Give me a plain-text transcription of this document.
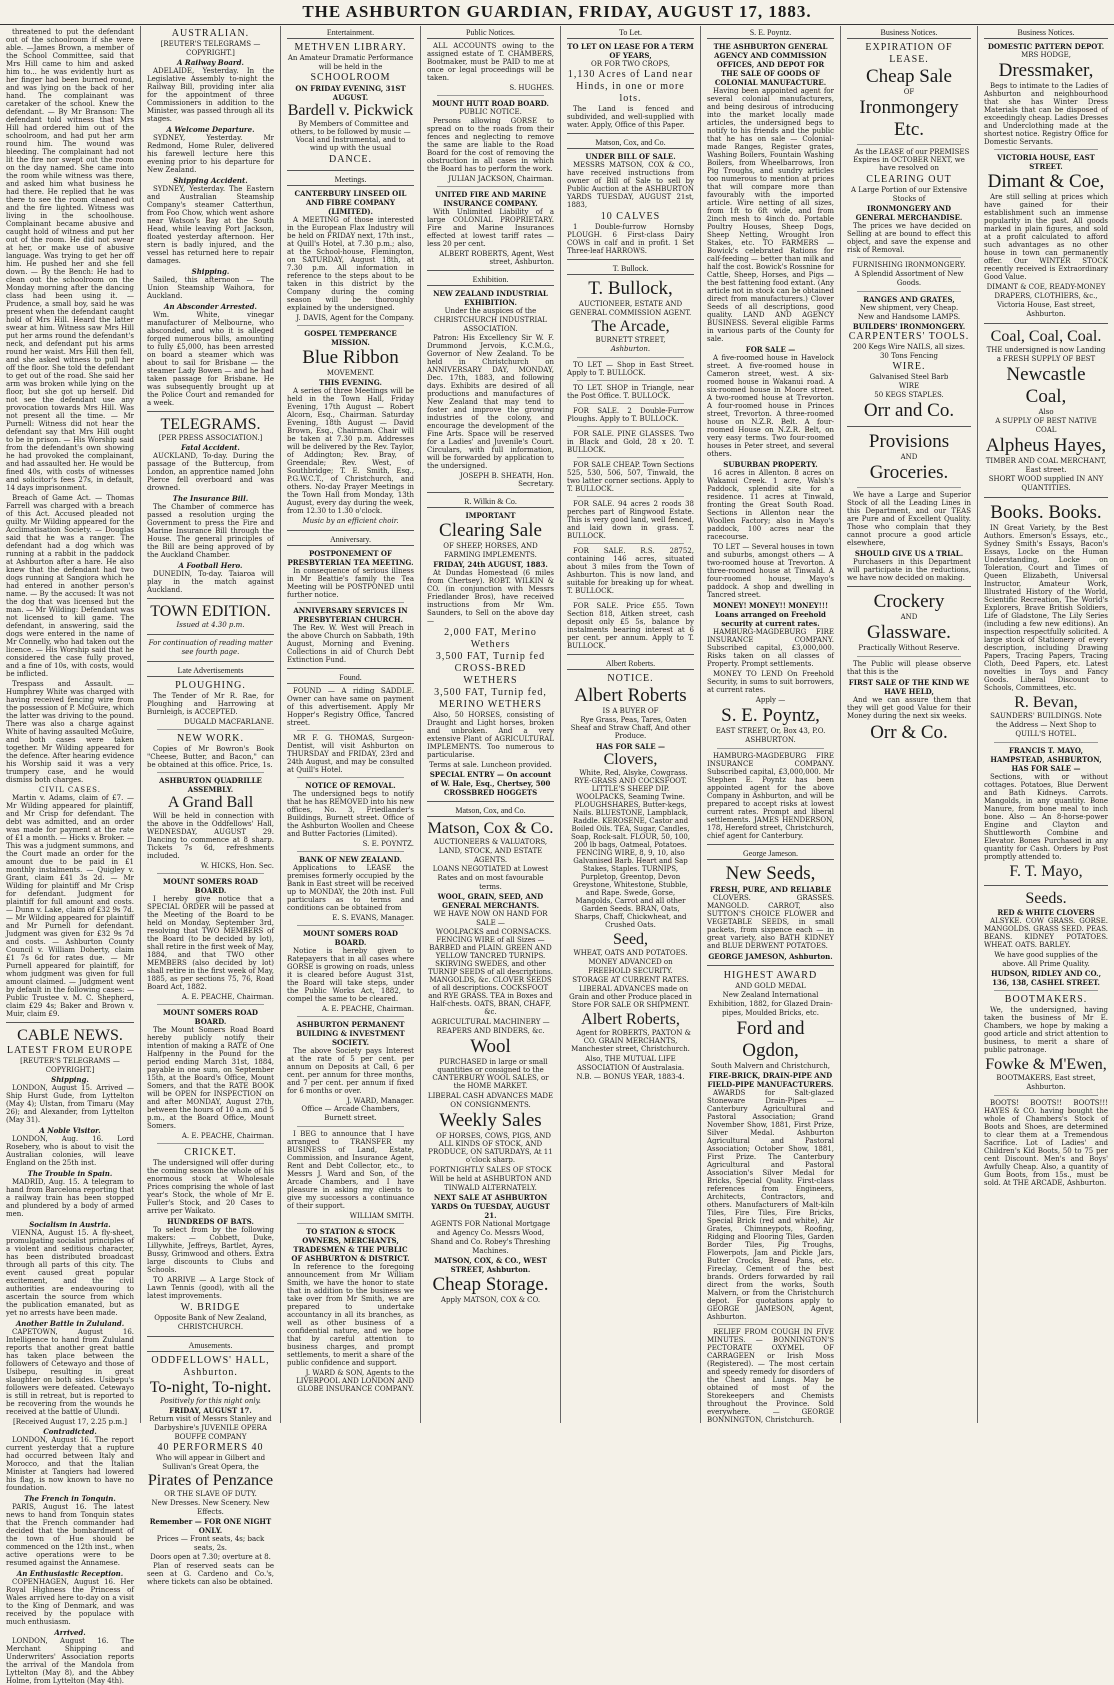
THE ASHBURTON GUARDIAN, FRIDAY, AUGUST 17, 1883.

threatened to put the defendant out of the schoolroom if she were able. —James Brown, a member of the School Committee, said that Mrs Hill came to him and asked him to... he was evidently hurt as her finger had been burned round, and was lying on the back of her hand. The complainant was caretaker of the school. Knew the defendant. — By Mr Branson: The defendant told witness that Mrs Hill had ordered him out of the schoolroom, and had put her arm round him. The wound was bleeding. The complainant had not lit the fire nor swept out the room on the day named. She came into the room while witness was there, and asked him what business he had there. He replied that he was there to see the room cleaned out and the fire lighted. Witness was living in the schoolhouse. Complainant became abusive and caught hold of witness and put her out of the room. He did not swear at her, or make use of abusive language. Was trying to get her off him. He pushed her and she fell down. — By the Bench: He had to clean out the schoolroom on the Monday morning after the dancing class had been using it. — Prudence, a small boy, said he was present when the defendant caught hold of Mrs Hill. Heard the latter swear at him. Witness saw Mrs Hill put her arms round the defendant's neck, and defendant put his arms round her waist. Mrs Hill then fell, and she asked witness to pull her off the floor. She told the defendant to get out of the road. She said her arm was broken while lying on the floor, but she got up herself. Did not see the defendant use any provocation towards Mrs Hill. Was not present all the time. — Mr Purnell: Witness did not hear the defendant say that Mrs Hill ought to be in prison. — His Worship said from the defendant's own showing he had provoked the complainant, and had assaulted her. He would be fined 40s, with costs of witnesses and solicitor's fees 27s, in default, 14 days imprisonment.

Breach of Game Act. — Thomas Farrell was charged with a breach of this Act. Accused pleaded not guilty. Mr Wilding appeared for the Acclimatisation Society. — Douglas said that he was a ranger. The defendant had a dog which was running at a rabbit in the paddock at Ashburton after a hare. He also knew that the defendant had two dogs running at Sangiora which he had entered in another person's name. — By the accused: It was not the dog that was licensed but the man. — Mr Wilding: Defendant was not licensed to kill game. The defendant, in answering, said the dogs were entered in the name of Mr Connelly, who had taken out the licence. — His Worship said that he considered the case fully proved, and a fine of 10s, with costs, would be inflicted.

Trespass and Assault. — Humphrey White was charged with having received fencing wire from the possession of P. McGuire, which the latter was driving to the pound. There was also a charge against White of having assaulted McGuire, and both cases were taken together. Mr Wilding appeared for the defence. After hearing evidence his Worship said it was a very trumpery case, and he would dismiss both charges.

CIVIL CASES.

Martin v. Adams, claim of £7. — Mr Wilding appeared for plaintiff, and Mr Crisp for defendant. The debt was admitted, and an order was made for payment at the rate of £1 a month. — Hicks v. Broker. — This was a judgment summons, and the Court made an order for the amount due to be paid in £1 monthly instalments. — Quigley v. Grant, claim £41 3s 2d. — Mr Wilding for plaintiff and Mr Crisp for defendant. Judgment for plaintiff for full amount and costs. — Dunn v. Lake, claim of £32 9s 7d. — Mr Wilding appeared for plaintiff and Mr Purnell for defendant. Judgment was given for £32 9s 7d and costs. — Ashburton County Council v. William Doherty, claim £1 7s 6d for rates due. — Mr Purnell appeared for plaintiff, for whom judgment was given for full amount claimed. — Judgment went by default in the following cases: — Public Trustee v. M. C. Shepherd, claim £29 4s; Baker and Brown v. Muir, claim £9.

CABLE NEWS.
LATEST FROM EUROPE
[REUTER'S TELEGRAMS — COPYRIGHT.]
Shipping.

LONDON, August 15. Arrived — Ship Hurst Gude, from Lyttelton (May 4); Ulstan, from Timaru (May 26); and Alexander, from Lyttelton (May 31).

A Noble Visitor.

LONDON, Aug. 16. Lord Rosebery, who is about to visit the Australian colonies, will leave England on the 25th inst.

The Trouble in Spain.

MADRID, Aug. 15. A telegram to hand from Barcelona reporting that a railway train has been stopped and plundered by a body of armed men.

Socialism in Austria.

VIENNA, August 15. A fly-sheet, promulgating socialist principles of a violent and seditious character, has been distributed broadcast through all parts of this city. The event caused great popular excitement, and the civil authorities are endeavouring to ascertain the source from which the publication emanated, but as yet no arrests have been made.

Another Battle in Zululand.

CAPETOWN, August 16. Intelligence to hand from Zululand reports that another great battle has taken place between the followers of Cetewayo and those of Usibepu, resulting in great slaughter on both sides. Usibepu's followers were defeated. Cetewayo is still in retreat, but is reported to be recovering from the wounds he received at the battle of Ulundi.

[Received August 17, 2.25 p.m.]
Contradicted.

LONDON, August 16. The report current yesterday that a rupture had occurred between Italy and Morocco, and that the Italian Minister at Tangiers had lowered his flag, is now known to have no foundation.

The French in Tonquin.

PARIS, August 16. The latest news to hand from Tonquin states that the French commander had decided that the bombardment of the town of Hue should be commenced on the 12th inst., when active operations were to be resumed against the Annamese.

An Enthusiastic Reception.

COPENHAGEN, August 16. Her Royal Highness the Princess of Wales arrived here to-day on a visit to the King of Denmark, and was received by the populace with much enthusiasm.

Arrived.

LONDON, August 16. The Merchant Shipping and Underwriters' Association reports the arrival of the Mandola from Lyttelton (May 8), and the Abbey Holme, from Lyttelton (May 4th).

AUSTRALIAN.
[REUTER'S TELEGRAMS — COPYRIGHT.]
A Railway Board.

ADELAIDE, Yesterday. In the Legislative Assembly to-night the Railway Bill, providing inter alia for the appointment of three Commissioners in addition to the Minister, was passed through all its stages.

A Welcome Departure.

SYDNEY, Yesterday. Mr Redmond, Home Ruler, delivered his farewell lecture here this evening prior to his departure for New Zealand.

Shipping Accident.

SYDNEY, Yesterday. The Eastern and Australian Steamship Company's steamer Catterthun, from Foo Chow, which went ashore near Watson's Bay at the South Head, while leaving Port Jackson, floated yesterday afternoon. Her stern is badly injured, and the vessel has returned here to repair damages.

Shipping.

Sailed, this afternoon — The Union Steamship Waihora, for Auckland.

An Absconder Arrested.

Wm. White, vinegar manufacturer of Melbourne, who absconded, and who it is alleged forged numerous bills, amounting to fully £5,000, has been arrested on board a steamer which was about to sail for Brisbane — the steamer Lady Bowen — and he had taken passage for Brisbane. He was subsequently brought up at the Police Court and remanded for a week.

TELEGRAMS.
[PER PRESS ASSOCIATION.]
Fatal Accident.

AUCKLAND, To-day. During the passage of the Buttercup, from London, an apprentice named John Pierce fell overboard and was drowned.

The Insurance Bill.

The Chamber of commerce has passed a resolution urging the Government to press the Fire and Marine Insurance Bill through the House. The general principles of the Bill are being approved of by the Auckland Chamber.

A Football Hero.

DUNEDIN, To-day. Taiaroa will play in the match against Auckland.

TOWN EDITION.
Issued at 4.30 p.m.
For continuation of reading matter see fourth page.
Late Advertisements
PLOUGHING.

The Tender of Mr R. Rae, for Ploughing and Harrowing at Burnleigh, is ACCEPTED.

DUGALD MACFARLANE.
NEW WORK.

Copies of Mr Bowron's Book "Cheese, Butter, and Bacon," can be obtained at this office. Price, 1s.

ASHBURTON QUADRILLE ASSEMBLY.
A Grand Ball

Will be held in connection with the above in the Oddfellows' Hall, WEDNESDAY, AUGUST 29. Dancing to commence at 8 sharp. Tickets 7s 6d, refreshments included.

W. HICKS, Hon. Sec.
MOUNT SOMERS ROAD BOARD.

I hereby give notice that a SPECIAL ORDER will be passed at the Meeting of the Board to be held on Monday, September 3rd, resolving that TWO MEMBERS of the Board (to be decided by lot), shall retire in the first week of May, 1884, and that TWO other MEMBERS (also decided by lot) shall retire in the first week of May, 1885, as per sections 75, 76, Road Board Act, 1882.

A. E. PEACHE, Chairman.
MOUNT SOMERS ROAD BOARD.

The Mount Somers Road Board hereby publicly notify their intention of making a RATE of One Halfpenny in the Pound for the period ending March 31st, 1884, payable in one sum, on September 15th, at the Board's Office, Mount Somers, and that the RATE BOOK will be OPEN for INSPECTION on and after MONDAY, August 27th, between the hours of 10 a.m. and 5 p.m., at the Board Office, Mount Somers.

A. E. PEACHE, Chairman.
CRICKET.

The undersigned will offer during the coming season the whole of his enormous stock at Wholesale Prices comprising the whole of last year's Stock, the whole of Mr E. Fuller's Stock, and 20 Cases to arrive per Waikato.

HUNDREDS OF BATS.

To select from by the following makers: — Cobbett, Duke, Lillywhite, Jeffreys, Bartlet, Ayres, Bussy, Grimwood and others. Extra large discounts to Clubs and Schools.

TO ARRIVE — A Large Stock of Lawn Tennis (good), with all the latest improvements.

W. BRIDGE
Opposite Bank of New Zealand, CHRISTCHURCH.
Amusements.
ODDFELLOWS' HALL, Ashburton.
To-night, To-night.
Positively for this night only.
FRIDAY, AUGUST 17.
Return visit of Messrs Stanley and Darbyshire's JUVENILE OPERA BOUFFE COMPANY
40 PERFORMERS 40
Who will appear in Gilbert and Sullivan's Great Opera, the
Pirates of Penzance
OR THE SLAVE OF DUTY.
New Dresses. New Scenery. New Effects.
Remember — FOR ONE NIGHT ONLY.
Prices — Front seats, 4s; back seats, 2s.
Doors open at 7.30; overture at 8.

Plan of reserved seats can be seen at G. Cardeno and Co.'s, where tickets can also be obtained.

Entertainment.
METHVEN LIBRARY.
An Amateur Dramatic Performance will be held in the
SCHOOLROOM
ON FRIDAY EVENING, 31ST AUGUST.
Bardell v. Pickwick

By Members of Committee and others, to be followed by music — Vocal and Instrumental, and to wind up with the usual

DANCE.
Meetings.
CANTERBURY LINSEED OIL AND FIBRE COMPANY (LIMITED).

A MEETING of those interested in the European Flax Industry will be held on FRIDAY next, 17th inst., at Quill's Hotel, at 7.30 p.m.; also, at the School-house, Flemington, on SATURDAY, August 18th, at 7.30 p.m. All information in reference to the steps about to be taken in this district by the Company during the coming season will be thoroughly explained by the undersigned.

J. DAVIS, Agent for the Company.
GOSPEL TEMPERANCE MISSION.
Blue Ribbon
MOVEMENT.
THIS EVENING.

A series of three Meetings will be held in the Town Hall, Friday Evening, 17th August — Robert Alcorn, Esq., Chairman. Saturday Evening, 18th August — David Brown, Esq., Chairman. Chair will be taken at 7.30 p.m. Addresses will be delivered by the Rev. Taylor, of Addington; Rev. Bray, of Greendale; Rev. West, of Southbridge; T. E. Smith, Esq., P.G.W.C.T., of Christchurch, and others. No-day Prayer Meetings in the Town Hall from Monday, 13th August, every day during the week, from 12.30 to 1.30 o'clock.

Music by an efficient choir.
Anniversary.
POSTPONEMENT OF PRESBYTERIAN TEA MEETING.

In consequence of serious illness in Mr Beattie's family the Tea Meeting will be POSTPONED until further notice.

ANNIVERSARY SERVICES IN PRESBYTERIAN CHURCH.

The Rev. W. West will Preach in the above Church on Sabbath, 19th August, Morning and Evening. Collections in aid of Church Debt Extinction Fund.

Found.

FOUND — A riding SADDLE. Owner can have same on payment of this advertisement. Apply Mr Hopper's Registry Office, Tancred street.

MR F. G. THOMAS, Surgeon-Dentist, will visit Ashburton on THURSDAY and FRIDAY, 23rd and 24th August, and may be consulted at Quill's Hotel.

NOTICE OF REMOVAL.

The undersigned begs to notify that he has REMOVED into his new offices, No. 3, Friedlander's Buildings, Burnett street. Office of the Ashburton Woollen and Cheese and Butter Factories (Limited).

S. E. POYNTZ.
BANK OF NEW ZEALAND.

Applications to LEASE the premises formerly occupied by the Bank in East street will be received up to MONDAY, the 20th inst. Full particulars as to terms and conditions can be obtained from

E. S. EVANS, Manager.
MOUNT SOMERS ROAD BOARD.

Notice is hereby given to Ratepayers that in all cases where GORSE is growing on roads, unless it is cleared before August 31st, the Board will take steps, under the Public Works Act, 1882, to compel the same to be cleared.

A. E. PEACHE, Chairman.
ASHBURTON PERMANENT BUILDING & INVESTMENT SOCIETY.

The above Society pays Interest at the rate of 5 per cent. per annum on Deposits at Call, 6 per cent. per annum for three months, and 7 per cent. per annum if fixed for 6 months or over.

J. WARD, Manager.
Office — Arcade Chambers, Burnett street.

I BEG to announce that I have arranged to TRANSFER my BUSINESS of Land, Estate, Commission, and Insurance Agent, Rent and Debt Collector, etc., to Messrs J. Ward and Son, of the Arcade Chambers, and I have pleasure in asking my clients to give my successors a continuance of their support.

WILLIAM SMITH.
TO STATION & STOCK OWNERS, MERCHANTS, TRADESMEN & THE PUBLIC OF ASHBURTON & DISTRICT.

In reference to the foregoing announcement from Mr William Smith, we have the honor to state that in addition to the business we take over from Mr Smith, we are prepared to undertake accountancy in all its branches, as well as other business of a confidential nature, and we hope that by careful attention to business charges, and prompt settlements, to merit a share of the public confidence and support.

J. WARD & SON, Agents to the LIVERPOOL AND LONDON AND GLOBE INSURANCE COMPANY.
Public Notices.

ALL ACCOUNTS owing to the assigned estate of T. CHAMBERS, Bootmaker, must be PAID to me at once or legal proceedings will be taken.

S. HUGHES.
MOUNT HUTT ROAD BOARD.
PUBLIC NOTICE.

Persons allowing GORSE to spread on to the roads from their fences and neglecting to remove the same are liable to the Road Board for the cost of removing the obstruction in all cases in which the Board has to perform the work.

JULIAN JACKSON, Chairman.
UNITED FIRE AND MARINE INSURANCE COMPANY.

With Unlimited Liability of a large COLONIAL PROPRIETARY. Fire and Marine Insurances effected at lowest tariff rates — less 20 per cent.

ALBERT ROBERTS, Agent, West street, Ashburton.
Exhibition.
NEW ZEALAND INDUSTRIAL EXHIBITION.
Under the auspices of the CHRISTCHURCH INDUSTRIAL ASSOCIATION.

Patron: His Excellency Sir W. F. Drummond Jervois, K.C.M.G., Governor of New Zealand. To be held in Christchurch on ANNIVERSARY DAY, MONDAY, Dec. 17th, 1883, and following days. Exhibits are desired of all productions and manufactures of New Zealand that may tend to foster and improve the growing industries of the colony, and encourage the development of the Fine Arts. Space will be reserved for a Ladies' and Juvenile's Court. Circulars, with full information, will be forwarded by application to the undersigned.

JOSEPH B. SHEATH, Hon. Secretary.
R. Wilkin & Co.
IMPORTANT
Clearing Sale
OF SHEEP, HORSES, AND FARMING IMPLEMENTS.
FRIDAY, 24th AUGUST, 1883.

At Dundas Homestead (6 miles from Chertsey). ROBT. WILKIN & CO. (in conjunction with Messrs Friedlander Bros), have received instructions from Mr Wm. Saunders, to Sell on the above day —

2,000 FAT, Merino Wethers
3,500 FAT, Turnip fed CROSS-BRED WETHERS
3,500 FAT, Turnip fed, MERINO WETHERS

Also, 50 HORSES, consisting of Draught and Light horses, broken and unbroken. And a very extensive Plant of AGRICULTURAL IMPLEMENTS. Too numerous to particularise.

Terms at sale. Luncheon provided.
SPECIAL ENTRY — On account of W. Hale, Esq., Chertsey, 500 CROSSBRED HOGGETS
Matson, Cox, and Co.
Matson, Cox & Co.
AUCTIONEERS & VALUATORS, LAND, STOCK, AND ESTATE AGENTS.
LOANS NEGOTIATED at Lowest Rates and on most favourable terms.
WOOL, GRAIN, SEED, AND GENERAL MERCHANTS.
WE HAVE NOW ON HAND FOR SALE —

WOOLPACKS and CORNSACKS. FENCING WIRE of all Sizes — BARBED and PLAIN. GREEN AND YELLOW TANCRED TURNIPS. SKIRVING SWEDES, and other TURNIP SEEDS of all descriptions. MANGOLDS, &c. CLOVER SEEDS of all descriptions. COCKSFOOT and RYE GRASS. TEA in Boxes and Half-chests. OATS, BRAN, CHAFF, &c.

AGRICULTURAL MACHINERY — REAPERS AND BINDERS, &c.
Wool

PURCHASED in large or small quantities or consigned to the CANTERBURY WOOL SALES, or the HOME MARKET.

LIBERAL CASH ADVANCES MADE ON CONSIGNMENTS.
Weekly Sales

OF HORSES, COWS, PIGS, AND ALL KINDS OF STOCK, AND PRODUCE, ON SATURDAYS, At 11 o'clock sharp.

FORTNIGHTLY SALES OF STOCK Will be held at ASHBURTON AND TINWALD ALTERNATELY.
NEXT SALE AT ASHBURTON YARDS On TUESDAY, AUGUST 21.
AGENTS FOR National Mortgage and Agency Co. Messrs Wood, Shand and Co. Robey's Threshing Machines.
MATSON, COX, & CO., WEST STREET, Ashburton.
Cheap Storage.
Apply MATSON, COX & CO.
To Let.
TO LET ON LEASE FOR A TERM OF YEARS,
OR FOR TWO CROPS,
1,130 Acres of Land near Hinds, in one or more lots.

The Land is fenced and subdivided, and well-supplied with water. Apply, Office of this Paper.

Matson, Cox, and Co.
UNDER BILL OF SALE.

MESSRS MATSON, COX & CO., have received instructions from owner of Bill of Sale to sell by Public Auction at the ASHBURTON YARDS TUESDAY, AUGUST 21st, 1883,

10 CALVES

1 Double-furrow Hornsby PLOUGH. 6 First-class Dairy COWS in calf and in profit. 1 Set Three-leaf HARROWS.

T. Bullock.
T. Bullock,
AUCTIONEER, ESTATE AND GENERAL COMMISSION AGENT.
The Arcade,
BURNETT STREET,
Ashburton.

TO LET — Shop in East Street. Apply to T. BULLOCK.

TO LET. SHOP in Triangle, near the Post Office. T. BULLOCK.

FOR SALE. 2 Double-Furrow Ploughs. Apply to T. BULLOCK.

FOR SALE. PINE GLASSES. Two in Black and Gold, 28 x 20. T. BULLOCK.

FOR SALE CHEAP. Town Sections 525, 530, 506, 507, Tinwald, the two latter corner sections. Apply to T. BULLOCK.

FOR SALE. 94 acres 2 roods 38 perches part of Ringwood Estate. This is very good land, well fenced, and laid down in grass. T. BULLOCK.

FOR SALE. R.S. 28752, containing 146 acres, situated about 3 miles from the Town of Ashburton. This is now land, and suitable for breaking up for wheat. T. BULLOCK.

FOR SALE. Price £55. Town Section 818, Aitken street, cash deposit only £5 5s, balance by instalments bearing interest at 6 per cent. per annum. Apply to T. BULLOCK.

Albert Roberts.
NOTICE.
Albert Roberts
IS A BUYER OF

Rye Grass, Peas, Tares, Oaten Sheaf and Straw Chaff, And other Produce.

HAS FOR SALE —
Clovers,

White, Red, Alsyke, Cowgrass. RYE-GRASS AND COCKSFOOT. LITTLE'S SHEEP DIP. WOOLPACKS, Seaming Twine. PLOUGHSHARES, Butter-kegs, Nails. BLUESTONE, Lampblack, Raddle. KEROSENE, Castor and Boiled Oils. TEA, Sugar, Candles, Soap, Rock-salt. FLOUR, 50, 100, 200 lb bags, Oatmeal, Potatoes. FENCING WIRE, 8, 9, 10, also Galvanised Barb. Heart and Sap Stakes, Staples. TURNIPS, Purpletop, Greentop, Devon Greystone, Whitestone, Stubble, and Rape. Swede, Gorse, Mangolds, Carrot and all other Garden Seeds. BRAN, Oats, Sharps, Chaff, Chickwheat, and Crushed Oats.

Seed,
WHEAT, OATS AND POTATOES.
MONEY ADVANCED on FREEHOLD SECURITY.
STORAGE AT CURRENT RATES.

LIBERAL ADVANCES made on Grain and other Produce placed in Store FOR SALE OR SHIPMENT.

Albert Roberts,

Agent for ROBERTS, PAXTON & CO. GRAIN MERCHANTS, Manchester street, Christchurch.

Also, THE MUTUAL LIFE ASSOCIATION Of Australasia.
N.B. — BONUS YEAR, 1883-4.
S. E. Poyntz.
THE ASHBURTON GENERAL AGENCY AND COMMISSION OFFICES, AND DEPOT FOR THE SALE OF GOODS OF COLONIAL MANUFACTURE.

Having been appointed agent for several colonial manufacturers, and being desirous of introducing into the market locally made articles, the undersigned begs to notify to his friends and the public that he has on sale — Colonial-made Ranges, Register grates, Washing Boilers, Fountain Washing Boilers, from Wheelbarrows, Iron Pig Troughs, and sundry articles too numerous to mention at prices that will compare more than favourably with the imported article. Wire netting of all sizes, from 1ft to 6ft wide, and from 2inch mesh to 4inch do. Portable Poultry Houses, Sheep Dogs, Sheep Netting, Wrought Iron Stakes, etc. TO FARMERS — Bowick's celebrated Rations for calf-feeding — better than milk and half the cost. Bowick's Rossnine for Cattle, Sheep, Horses, and Pigs — the best fattening food extant. (Any article not in stock can be obtained direct from manufacturers.) Clover Seeds of all descriptions, good quality. LAND AND AGENCY BUSINESS. Several eligible Farms in various parts of the County for sale.

FOR SALE —

A five-roomed house in Havelock street. A five-roomed house in Cameron street, west. A six-roomed house in Wakanui road. A six-roomed house in Moore street. A two-roomed house at Trevorton. A four-roomed house in Princes street, Trevorton. A three-roomed house on N.Z.R. Belt. A four-roomed House on N.Z.R. Belt, on very easy terms. Two four-roomed houses in Peter street, and several others.

SUBURBAN PROPERTY.

16 acres in Allenton. 8 acres on Wakanui Creek. 1 acre, Walsh's Paddock, splendid site for a residence. 11 acres at Tinwald, fronting the Great South Road. Sections in Allenton near the Woollen Factory; also in Mayo's paddock, 100 acres near the racecourse.

TO LET — Several houses in town and suburbs, amongst others — A two-roomed house at Trevorton. A three-roomed house at Tinwald. A four-roomed house, Mayo's paddock. A shop and dwelling in Tancred street.

MONEY! MONEY!! MONEY!!! Loans arranged on Freehold security at current rates.

HAMBURG-MAGDEBURG FIRE INSURANCE COMPANY. Subscribed capital, £3,000,000. Risks taken on all classes of Property. Prompt settlements.

MONEY TO LEND On Freehold Security, in sums to suit borrowers, at current rates.

Apply —
S. E. Poyntz,
EAST STREET, Or, Box 43, P.O. ASHBURTON.

HAMBURG-MAGDEBURG FIRE INSURANCE COMPANY. Subscribed capital, £3,000,000. Mr Stephen E. Poyntz has been appointed agent for the above Company in Ashburton, and will be prepared to accept risks at lowest current rates. Prompt and liberal settlements. JAMES HENDERSON, 178, Hereford street, Christchurch, chief agent for Canterbury.

George Jameson.
New Seeds,
FRESH, PURE, AND RELIABLE

CLOVERS. GRASSES. MANGOLD. CARROT, also SUTTON'S CHOICE FLOWER and VEGETABLE SEEDS, in small packets, from sixpence each — in great variety, also BATH KIDNEY and BLUE DERWENT POTATOES.

GEORGE JAMESON, Ashburton.
HIGHEST AWARD
AND GOLD MEDAL
New Zealand International Exhibition, 1882, for Glazed Drain-pipes, Moulded Bricks, etc.
Ford and Ogdon,
South Malvern and Christchurch,
FIRE-BRICK, DRAIN-PIPE AND FIELD-PIPE MANUFACTURERS.

AWARDS for Salt-glazed Stoneware Drain-Pipes — Canterbury Agricultural and Pastoral Association; Grand November Show, 1881, First Prize, Silver Medal. Ashburton Agricultural and Pastoral Association; October Show, 1881, First Prize. The Canterbury Agricultural and Pastoral Association's Silver Medal for Bricks, Special Quality. First-class references from Engineers, Architects, Contractors, and others. Manufacturers of Malt-kiln Tiles, Fire Tiles, Fire Bricks, Special Brick (red and white), Air Grates, Chimneypots, Roofing, Ridging and Flooring Tiles, Garden Border Tiles, Pig Troughs, Flowerpots, Jam and Pickle Jars, Butter Crocks, Bread Pans, etc. Fireclay, Cement of the best brands. Orders forwarded by rail direct from the works, South Malvern, or from the Christchurch depot. For quotations apply to GEORGE JAMESON, Agent, Ashburton.

RELIEF FROM COUGH IN FIVE MINUTES. — BONNINGTON'S PECTORATE OXYMEL OF CARRAGEEN or Irish Moss (Registered). — The most certain and speedy remedy for disorders of the Chest and Lungs. May be obtained of most of the Storekeepers and Chemists throughout the Province. Sold everywhere. — GEORGE BONNINGTON, Christchurch.

Business Notices.
EXPIRATION OF LEASE.
Cheap Sale
OF
Ironmongery Etc.

As the LEASE of our PREMISES Expires in OCTOBER NEXT, we have resolved on

CLEARING OUT
A Large Portion of our Extensive Stocks of
IRONMONGERY AND GENERAL MERCHANDISE.

The prices we have decided on Selling at are bound to effect this object, and save the expense and risk of Removal.

FURNISHING IRONMONGERY.
A Splendid Assortment of New Goods.
RANGES AND GRATES,
New shipment, very Cheap.
New and Handsome LAMPS.
BUILDERS' IRONMONGERY.
CARPENTERS' TOOLS.
200 Kegs Wire NAILS, all sizes.
30 Tons Fencing
WIRE.
Galvanised Steel Barb
WIRE
50 KEGS STAPLES.
Orr and Co.
Provisions
AND
Groceries.

We have a Large and Superior Stock of all the Leading Lines in this Department, and our TEAS are Pure and of Excellent Quality. Those who complain that they cannot procure a good article elsewhere,

SHOULD GIVE US A TRIAL.

Purchasers in this Department will participate in the reductions, we have now decided on making.

Crockery
AND
Glassware.
Practically Without Reserve.

The Public will please observe that this is the

FIRST SALE OF THE KIND WE HAVE HELD,

And we can assure them that they will get good Value for their Money during the next six weeks.

Orr & Co.
Business Notices.
DOMESTIC PATTERN DEPOT.
MRS HODGE,
Dressmaker,

Begs to intimate to the Ladies of Ashburton and neighbourhood that she has Winter Dress Materials that can be disposed of exceedingly cheap. Ladies Dresses and Underclothing made at the shortest notice. Registry Office for Domestic Servants.

VICTORIA HOUSE, EAST STREET.
Dimant & Coe,

Are still selling at prices which have gained for their establishment such an immense popularity in the past. All goods marked in plain figures, and sold at a profit calculated to afford such advantages as no other house in town can permanently offer. Our WINTER STOCK recently received is Extraordinary Good Value.

DIMANT & COE, READY-MONEY DRAPERS, CLOTHIERS, &c., Victoria House, East street, Ashburton.
Coal, Coal, Coal.
THE undersigned is now Landing a FRESH SUPPLY OF BEST
Newcastle Coal,
Also
A SUPPLY OF BEST NATIVE COAL
Alpheus Hayes,
TIMBER AND COAL MERCHANT, East street.
SHORT WOOD supplied IN ANY QUANTITIES.
Books. Books.

IN Great Variety, by the Best Authors. Emerson's Essays, etc., Sydney Smith's Essays, Bacon's Essays, Locke on the Human Understanding, Locke on Toleration, Court and Times of Queen Elizabeth, Universal Instructor, Amateur Work, Illustrated History of the World, Scientific Recreation, The World's Explorers, Brave British Soldiers, Life of Gladstone, The Lily Series (including a few new editions). An inspection respectfully solicited. A large stock of Stationery of every description, including Drawing Papers, Tracing Papers, Tracing Cloth, Deed Papers, etc. Latest novelties in Toys and Fancy Goods. Liberal Discount to Schools, Committees, etc.

R. Bevan,
SAUNDERS' BUILDINGS. Note the Address — Next Shop to QUILL'S HOTEL.
FRANCIS T. MAYO, HAMPSTEAD, ASHBURTON, HAS FOR SALE —

Sections, with or without cottages. Potatoes, Blue Derwent and Bath Kidneys. Carrots. Mangolds, in any quantity. Bone Manure, from bone meal to inch bone. Also — An 8-horse-power Engine and Clayton and Shuttleworth Combine and Elevator. Bones Purchased in any quantity for Cash. Orders by Post promptly attended to.

F. T. Mayo,
Seeds.
RED & WHITE CLOVERS

ALSYKE. COW GRASS. GORSE. MANGOLDS. GRASS SEED. PEAS. BEANS. KIDNEY POTATOES. WHEAT. OATS. BARLEY.

We have good supplies of the above. All Prime Quality.
HUDSON, RIDLEY AND CO., 136, 138, CASHEL STREET.
BOOTMAKERS.

We, the undersigned, having taken the business of Mr E. Chambers, we hope by making a good article and strict attention to business, to merit a share of public patronage.

Fowke & M'Ewen,
BOOTMAKERS, East street, Ashburton.

BOOTS! BOOTS!! BOOTS!!! HAYES & CO. having bought the whole of Chambers's Stock of Boots and Shoes, are determined to clear them at a Tremendous Sacrifice. Lot of Ladies' and Children's Kid Boots, 50 to 75 per cent Discount. Men's and Boys' Awfully Cheap. Also, a quantity of Gum Boots, from 15s., must be sold. At THE ARCADE, Ashburton.
